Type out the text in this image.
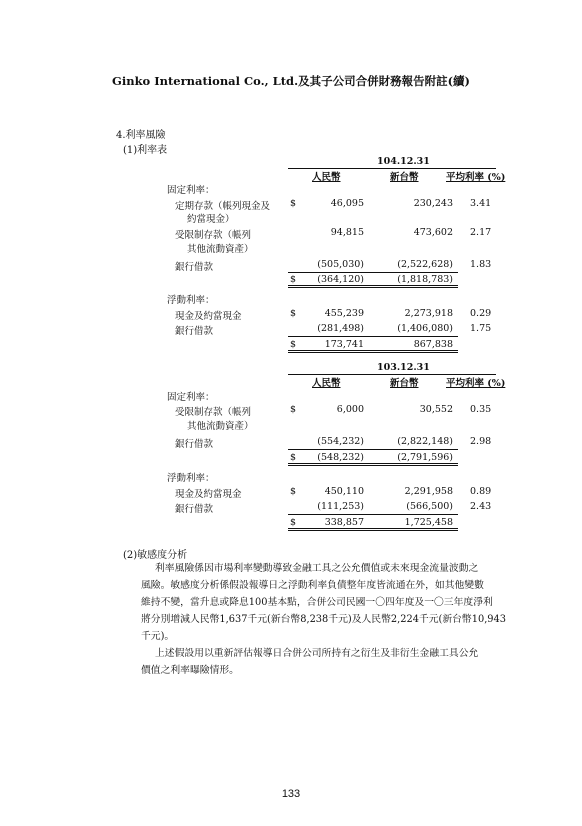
Ginko International Co., Ltd.及其子公司合併財務報告附註(續)
4.利率風險
(1)利率表
104.12.31
人民幣	新台幣	平均利率 (%)
固定利率：
定期存款（帳列現金及
約當現金）
$	46,095	230,243 3.41
受限制存款（帳列
其他流動資產）
94,815	473,602 2.17
銀行借款	(505,030)	(2,522,628) 1.83
$	(364,120)	(1,818,783)
浮動利率：
現金及約當現金	$	455,239	2,273,918 0.29
銀行借款	(281,498)	(1,406,080) 1.75
$	173,741	867,838
103.12.31
人民幣	新台幣	平均利率 (%)
固定利率：
受限制存款（帳列
其他流動資產）
$	6,000	30,552 0.35
銀行借款	(554,232)	(2,822,148) 2.98
$	(548,232)	(2,791,596)
浮動利率：
現金及約當現金	$	450,110	2,291,958 0.89
銀行借款	(111,253)	(566,500) 2.43
$	338,857	1,725,458
(2)敏感度分析
利率風險係因市場利率變動導致金融工具之公允價值或未來現金流量波動之
風險。敏感度分析係假設報導日之浮動利率負債整年度皆流通在外，如其他變數
維持不變，當升息或降息100基本點，合併公司民國一〇四年度及一〇三年度淨利
將分別增減人民幣1,637千元(新台幣8,238千元)及人民幣2,224千元(新台幣10,943
千元)。
上述假設用以重新評估報導日合併公司所持有之衍生及非衍生金融工具公允
價值之利率曝險情形。
133
